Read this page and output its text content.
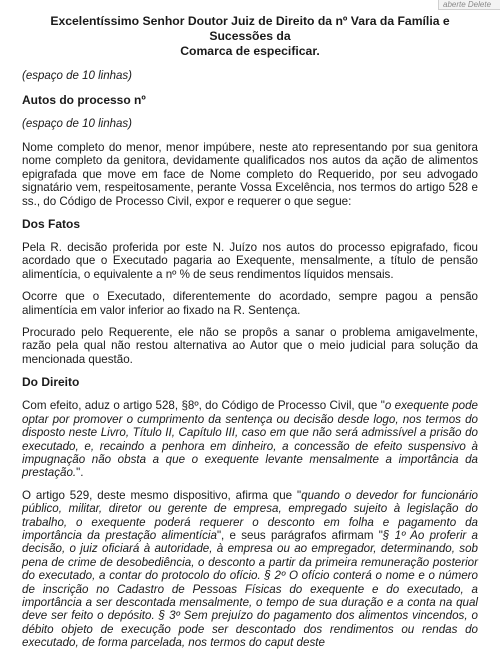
aberte Delete
Excelentíssimo Senhor Doutor Juiz de Direito da nº Vara da Família e Sucessões da
Comarca de especificar.
(espaço de 10 linhas)
Autos do processo nº
(espaço de 10 linhas)

Nome completo do menor, menor impúbere, neste ato representando por sua genitora nome completo da genitora, devidamente qualificados nos autos da ação de alimentos epigrafada que move em face de Nome completo do Requerido, por seu advogado signatário vem, respeitosamente, perante Vossa Excelência, nos termos do artigo 528 e ss., do Código de Processo Civil, expor e requerer o que segue:

Dos Fatos

Pela R. decisão proferida por este N. Juízo nos autos do processo epigrafado, ficou acordado que o Executado pagaria ao Exequente, mensalmente, a título de pensão alimentícia, o equivalente a nº % de seus rendimentos líquidos mensais.

Ocorre que o Executado, diferentemente do acordado, sempre pagou a pensão alimentícia em valor inferior ao fixado na R. Sentença.

Procurado pelo Requerente, ele não se propôs a sanar o problema amigavelmente, razão pela qual não restou alternativa ao Autor que o meio judicial para solução da mencionada questão.

Do Direito

Com efeito, aduz o artigo 528, §8º, do Código de Processo Civil, que "o exequente pode optar por promover o cumprimento da sentença ou decisão desde logo, nos termos do disposto neste Livro, Título II, Capítulo III, caso em que não será admissível a prisão do executado, e, recaindo a penhora em dinheiro, a concessão de efeito suspensivo à impugnação não obsta a que o exequente levante mensalmente a importância da prestação.".

O artigo 529, deste mesmo dispositivo, afirma que "quando o devedor for funcionário público, militar, diretor ou gerente de empresa, empregado sujeito à legislação do trabalho, o exequente poderá requerer o desconto em folha e pagamento da importância da prestação alimentícia", e seus parágrafos afirmam "§ 1º Ao proferir a decisão, o juiz oficiará à autoridade, à empresa ou ao empregador, determinando, sob pena de crime de desobediência, o desconto a partir da primeira remuneração posterior do executado, a contar do protocolo do ofício. § 2º O ofício conterá o nome e o número de inscrição no Cadastro de Pessoas Físicas do exequente e do executado, a importância a ser descontada mensalmente, o tempo de sua duração e a conta na qual deve ser feito o depósito. § 3º Sem prejuízo do pagamento dos alimentos vincendos, o débito objeto de execução pode ser descontado dos rendimentos ou rendas do executado, de forma parcelada, nos termos do caput deste
